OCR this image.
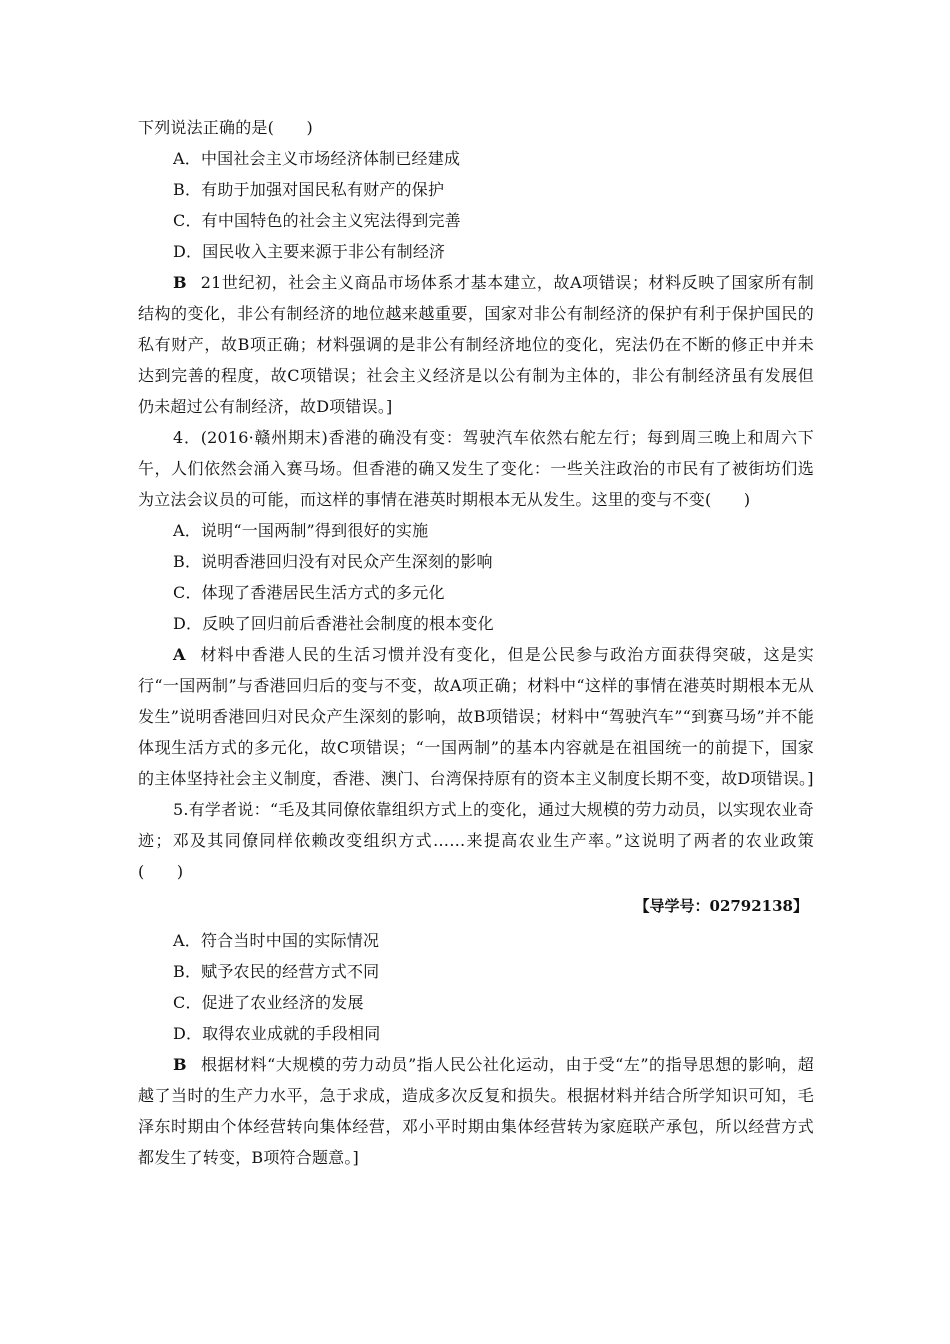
下列说法正确的是(　　)
A．中国社会主义市场经济体制已经建成
B．有助于加强对国民私有财产的保护
C．有中国特色的社会主义宪法得到完善
D．国民收入主要来源于非公有制经济
B 21世纪初，社会主义商品市场体系才基本建立，故A项错误；材料反映了国家所有制结构的变化，非公有制经济的地位越来越重要，国家对非公有制经济的保护有利于保护国民的私有财产，故B项正确；材料强调的是非公有制经济地位的变化，宪法仍在不断的修正中并未达到完善的程度，故C项错误；社会主义经济是以公有制为主体的，非公有制经济虽有发展但仍未超过公有制经济，故D项错误。]
4．(2016·赣州期末)香港的确没有变：驾驶汽车依然右舵左行；每到周三晚上和周六下午，人们依然会涌入赛马场。但香港的确又发生了变化：一些关注政治的市民有了被街坊们选为立法会议员的可能，而这样的事情在港英时期根本无从发生。这里的变与不变(　　)
A．说明“一国两制”得到很好的实施
B．说明香港回归没有对民众产生深刻的影响
C．体现了香港居民生活方式的多元化
D．反映了回归前后香港社会制度的根本变化
A 材料中香港人民的生活习惯并没有变化，但是公民参与政治方面获得突破，这是实行“一国两制”与香港回归后的变与不变，故A项正确；材料中“这样的事情在港英时期根本无从发生”说明香港回归对民众产生深刻的影响，故B项错误；材料中“驾驶汽车”“到赛马场”并不能体现生活方式的多元化，故C项错误；“一国两制”的基本内容就是在祖国统一的前提下，国家的主体坚持社会主义制度，香港、澳门、台湾保持原有的资本主义制度长期不变，故D项错误。]
5.有学者说：“毛及其同僚依靠组织方式上的变化，通过大规模的劳力动员，以实现农业奇迹；邓及其同僚同样依赖改变组织方式……来提高农业生产率。”这说明了两者的农业政策(　　)
【导学号：02792138】
A．符合当时中国的实际情况
B．赋予农民的经营方式不同
C．促进了农业经济的发展
D．取得农业成就的手段相同
B 根据材料“大规模的劳力动员”指人民公社化运动，由于受“左”的指导思想的影响，超越了当时的生产力水平，急于求成，造成多次反复和损失。根据材料并结合所学知识可知，毛泽东时期由个体经营转向集体经营，邓小平时期由集体经营转为家庭联产承包，所以经营方式都发生了转变，B项符合题意。]
